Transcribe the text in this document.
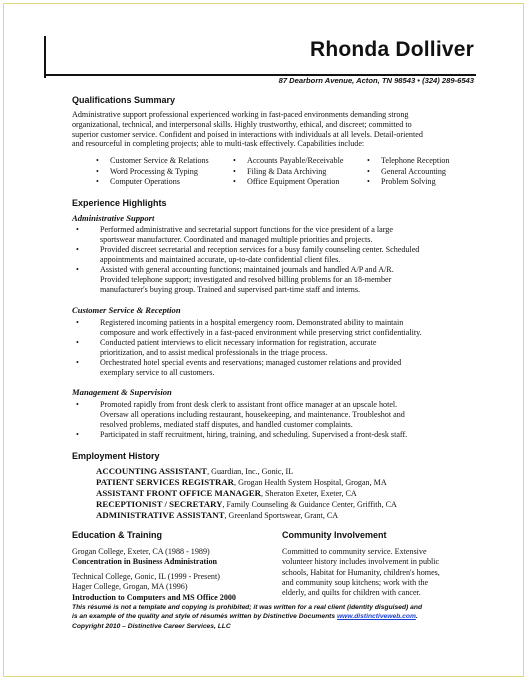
Rhonda Dolliver
87 Dearborn Avenue, Acton, TN 98543 • (324) 289-6543
Qualifications Summary
Administrative support professional experienced working in fast-paced environments demanding strong
organizational, technical, and interpersonal skills. Highly trustworthy, ethical, and discreet; committed to
superior customer service. Confident and poised in interactions with individuals at all levels. Detail-oriented
and resourceful in completing projects; able to multi-task effectively. Capabilities include:
• Customer Service & Relations
• Word Processing & Typing
• Computer Operations
• Accounts Payable/Receivable
• Filing & Data Archiving
• Office Equipment Operation
• Telephone Reception
• General Accounting
• Problem Solving
Experience Highlights
Administrative Support
•	Performed administrative and secretarial support functions for the vice president of a large
sportswear manufacturer. Coordinated and managed multiple priorities and projects.
•	Provided discreet secretarial and reception services for a busy family counseling center. Scheduled
appointments and maintained accurate, up-to-date confidential client files.
•	Assisted with general accounting functions; maintained journals and handled A/P and A/R.
Provided telephone support; investigated and resolved billing problems for an 18-member
manufacturer's buying group. Trained and supervised part-time staff and interns.
Customer Service & Reception
•	Registered incoming patients in a hospital emergency room. Demonstrated ability to maintain
composure and work effectively in a fast-paced environment while preserving strict confidentiality.
•	Conducted patient interviews to elicit necessary information for registration, accurate
prioritization, and to assist medical professionals in the triage process.
•	Orchestrated hotel special events and reservations; managed customer relations and provided
exemplary service to all customers.
Management & Supervision
•	Promoted rapidly from front desk clerk to assistant front office manager at an upscale hotel.
Oversaw all operations including restaurant, housekeeping, and maintenance. Troubleshot and
resolved problems, mediated staff disputes, and handled customer complaints.
•	Participated in staff recruitment, hiring, training, and scheduling. Supervised a front-desk staff.
Employment History
ACCOUNTING ASSISTANT, Guardian, Inc., Gonic, IL
PATIENT SERVICES REGISTRAR, Grogan Health System Hospital, Grogan, MA
ASSISTANT FRONT OFFICE MANAGER, Sheraton Exeter, Exeter, CA
RECEPTIONIST / SECRETARY, Family Counseling & Guidance Center, Griffith, CA
ADMINISTRATIVE ASSISTANT, Greenland Sportswear, Grant, CA
Education & Training
Grogan College, Exeter, CA (1988 - 1989)
Concentration in Business Administration
Technical College, Gonic, IL (1999 - Present)
Hager College, Grogan, MA (1996)
Introduction to Computers and MS Office 2000
Community Involvement
Committed to community service. Extensive
volunteer history includes involvement in public
schools, Habitat for Humanity, children's homes,
and community soup kitchens; work with the
elderly, and quilts for children with cancer.
This résumé is not a template and copying is prohibited; it was written for a real client (identity disguised) and
is an example of the quality and style of résumés written by Distinctive Documents www.distinctiveweb.com.
Copyright 2010 – Distinctive Career Services, LLC
